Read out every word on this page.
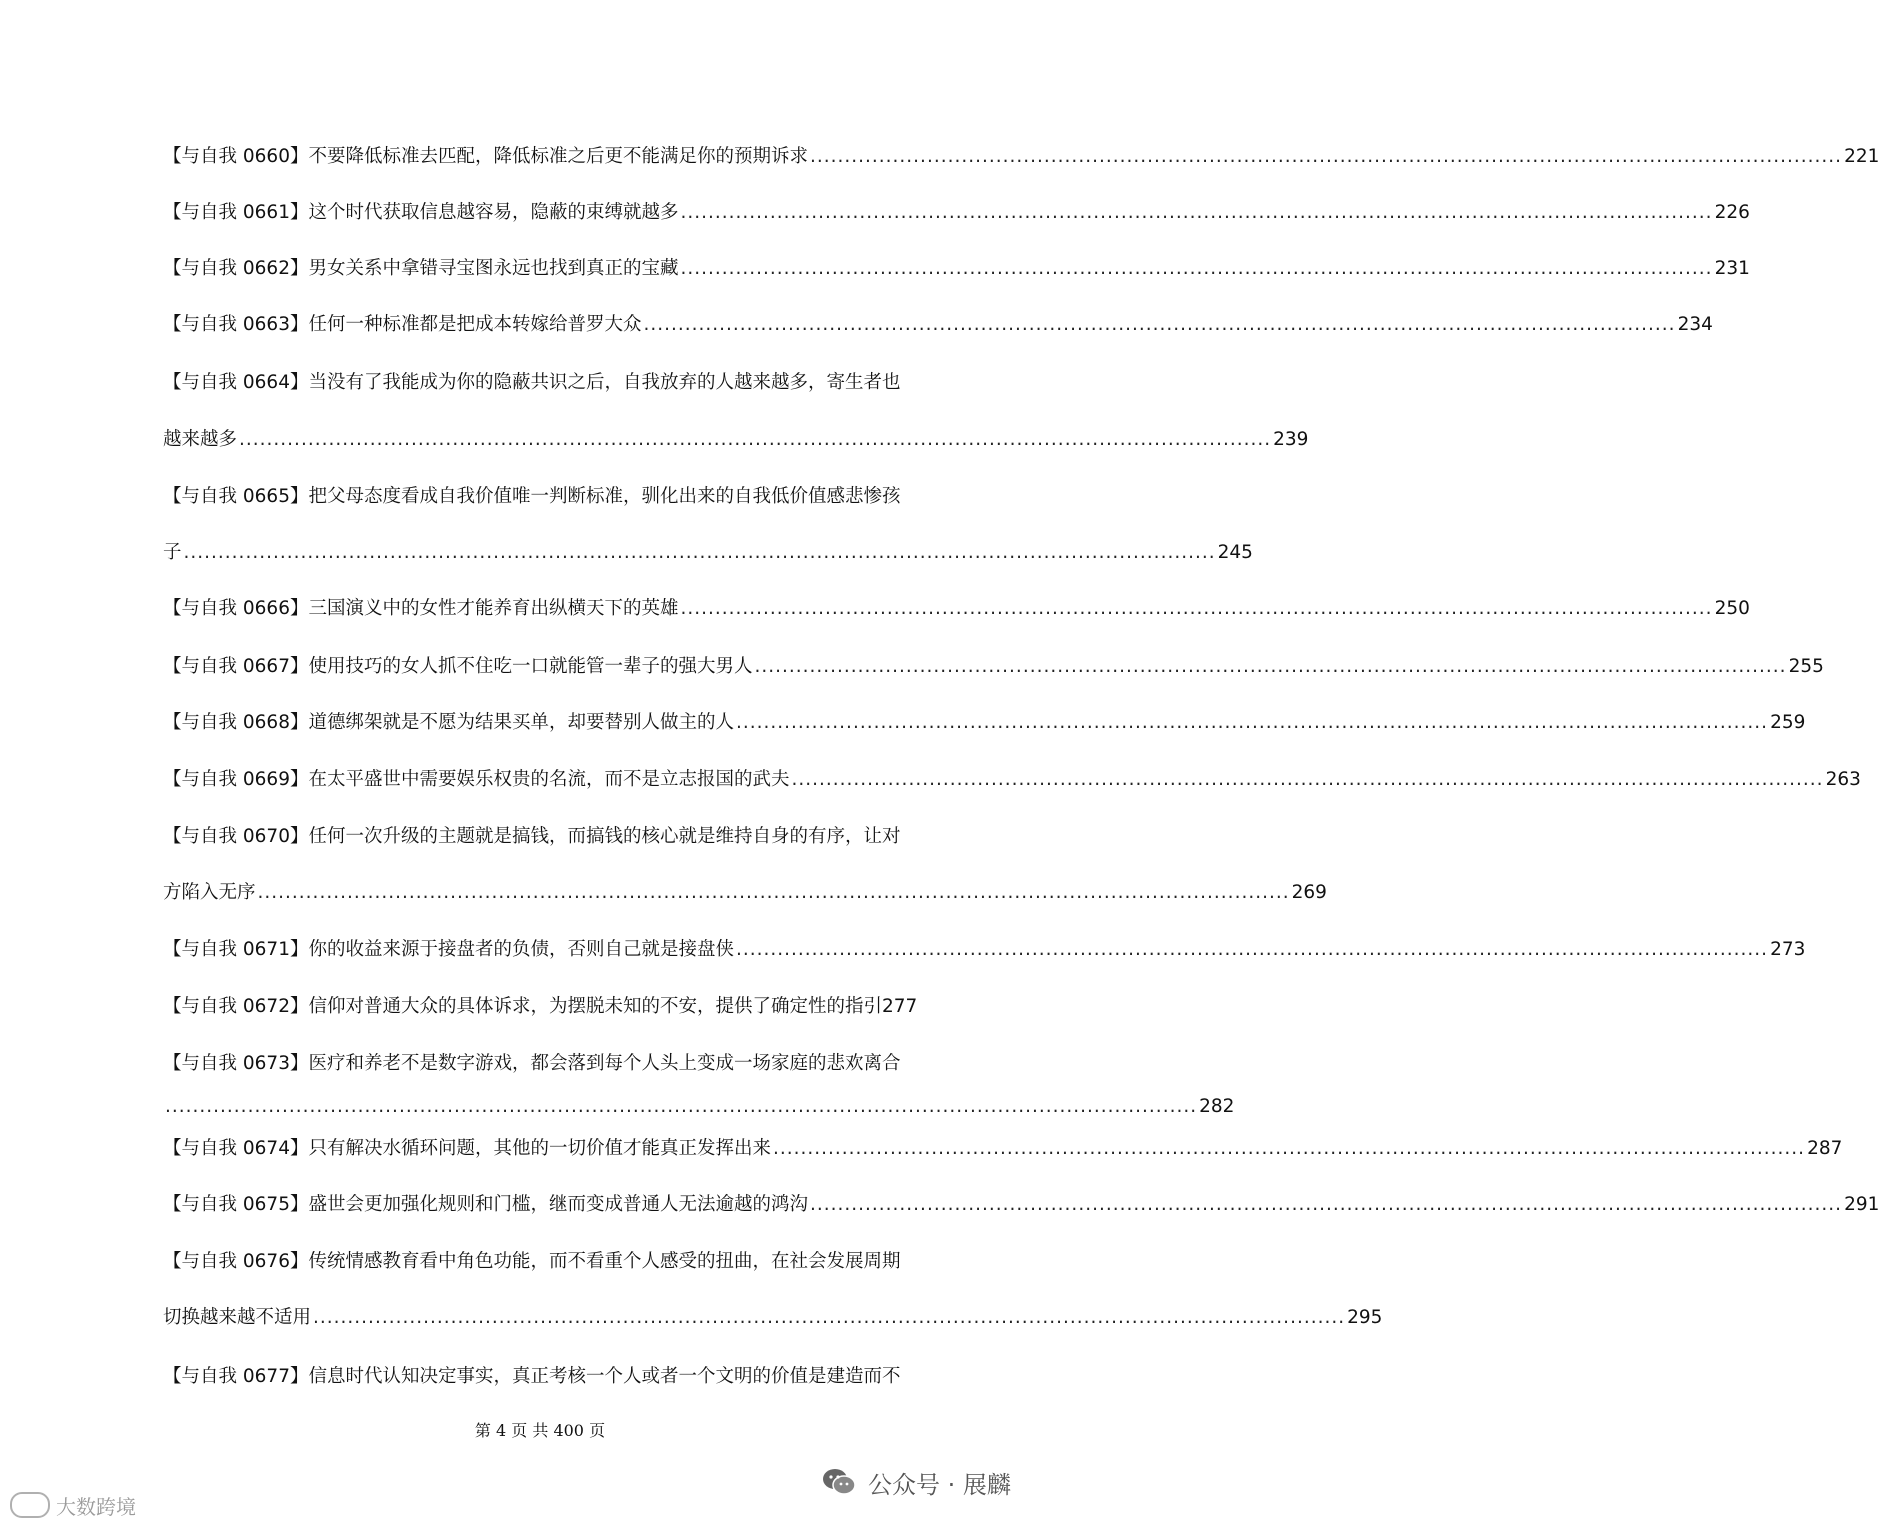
【与自我 0660】不要降低标准去匹配，降低标准之后更不能满足你的预期诉求 ...................................................................................................................................................... 221
【与自我 0661】这个时代获取信息越容易，隐蔽的束缚就越多 ...................................................................................................................................................... 226
【与自我 0662】男女关系中拿错寻宝图永远也找到真正的宝藏 ...................................................................................................................................................... 231
【与自我 0663】任何一种标准都是把成本转嫁给普罗大众 ...................................................................................................................................................... 234
【与自我 0664】当没有了我能成为你的隐蔽共识之后，自我放弃的人越来越多，寄生者也
越来越多 ...................................................................................................................................................... 239
【与自我 0665】把父母态度看成自我价值唯一判断标准，驯化出来的自我低价值感悲惨孩
子 ...................................................................................................................................................... 245
【与自我 0666】三国演义中的女性才能养育出纵横天下的英雄 ...................................................................................................................................................... 250
【与自我 0667】使用技巧的女人抓不住吃一口就能管一辈子的强大男人 ...................................................................................................................................................... 255
【与自我 0668】道德绑架就是不愿为结果买单，却要替别人做主的人 ...................................................................................................................................................... 259
【与自我 0669】在太平盛世中需要娱乐权贵的名流，而不是立志报国的武夫 ...................................................................................................................................................... 263
【与自我 0670】任何一次升级的主题就是搞钱，而搞钱的核心就是维持自身的有序，让对
方陷入无序 ...................................................................................................................................................... 269
【与自我 0671】你的收益来源于接盘者的负债，否则自己就是接盘侠 ...................................................................................................................................................... 273
【与自我 0672】信仰对普通大众的具体诉求，为摆脱未知的不安，提供了确定性的指引 277
【与自我 0673】医疗和养老不是数字游戏，都会落到每个人头上变成一场家庭的悲欢离合
...................................................................................................................................................... 282
【与自我 0674】只有解决水循环问题，其他的一切价值才能真正发挥出来 ...................................................................................................................................................... 287
【与自我 0675】盛世会更加强化规则和门槛，继而变成普通人无法逾越的鸿沟 ...................................................................................................................................................... 291
【与自我 0676】传统情感教育看中角色功能，而不看重个人感受的扭曲，在社会发展周期
切换越来越不适用 ...................................................................................................................................................... 295
【与自我 0677】信息时代认知决定事实，真正考核一个人或者一个文明的价值是建造而不
第 4 页 共 400 页
大数跨境
公众号 · 展麟
